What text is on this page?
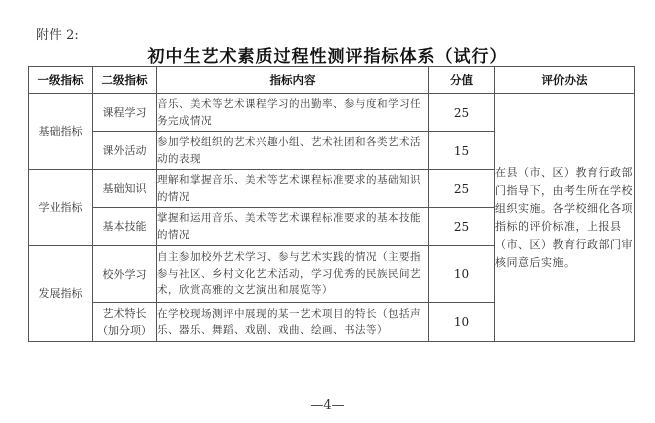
附件 2:
初中生艺术素质过程性测评指标体系（试行）
一级指标	二级指标	指标内容	分值	评价办法
基础指标	课程学习	音乐、美术等艺术课程学习的出勤率、参与度和学习任务完成情况	25	在县（市、区）教育行政部门指导下，由考生所在学校组织实施。各学校细化各项指标的评价标准，上报县（市、区）教育行政部门审核同意后实施。
	课外活动	参加学校组织的艺术兴趣小组、艺术社团和各类艺术活动的表现	15	
学业指标	基础知识	理解和掌握音乐、美术等艺术课程标准要求的基础知识的情况	25	
	基本技能	掌握和运用音乐、美术等艺术课程标准要求的基本技能的情况	25	
发展指标	校外学习	自主参加校外艺术学习、参与艺术实践的情况（主要指参与社区、乡村文化艺术活动，学习优秀的民族民间艺术，欣赏高雅的文艺演出和展览等）	10	
	艺术特长（加分项）	在学校现场测评中展现的某一艺术项目的特长（包括声乐、器乐、舞蹈、戏剧、戏曲、绘画、书法等）	10	
—4—
